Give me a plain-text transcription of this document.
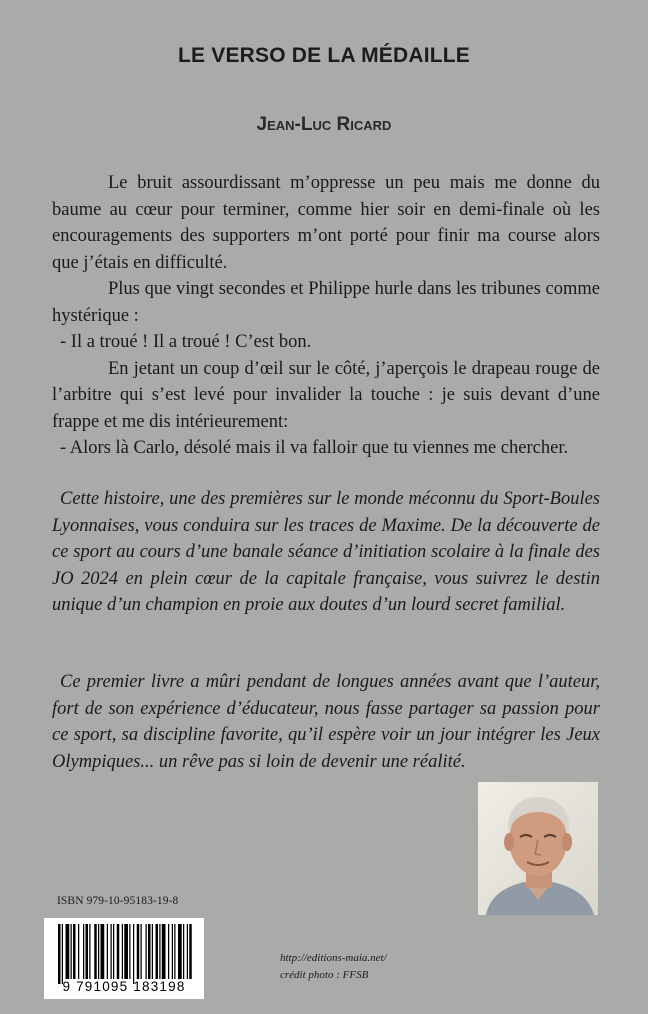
LE VERSO DE LA MÉDAILLE
Jean-Luc Ricard

Le bruit assourdissant m’oppresse un peu mais me donne du baume au cœur pour terminer, comme hier soir en demi-finale où les encouragements des supporters m’ont porté pour finir ma course alors que j’étais en difficulté.

Plus que vingt secondes et Philippe hurle dans les tribunes comme hystérique :

- Il a troué ! Il a troué ! C’est bon.

En jetant un coup d’œil sur le côté, j’aperçois le drapeau rouge de l’arbitre qui s’est levé pour invalider la touche : je suis devant d’une frappe et me dis intérieurement:

- Alors là Carlo, désolé mais il va falloir que tu viennes me chercher.

Cette histoire, une des premières sur le monde méconnu du Sport-Boules Lyonnaises, vous conduira sur les traces de Maxime. De la découverte de ce sport au cours d’une banale séance d’initiation scolaire à la finale des JO 2024 en plein cœur de la capitale française, vous suivrez le destin unique d’un champion en proie aux doutes d’un lourd secret familial.

Ce premier livre a mûri pendant de longues années avant que l’auteur, fort de son expérience d’éducateur, nous fasse partager sa passion pour ce sport, sa discipline favorite, qu’il espère voir un jour intégrer les Jeux Olympiques... un rêve pas si loin de devenir une réalité.

ISBN 979-10-95183-19-8
9 791095 183198
http://editions-maia.net/
crédit photo : FFSB
